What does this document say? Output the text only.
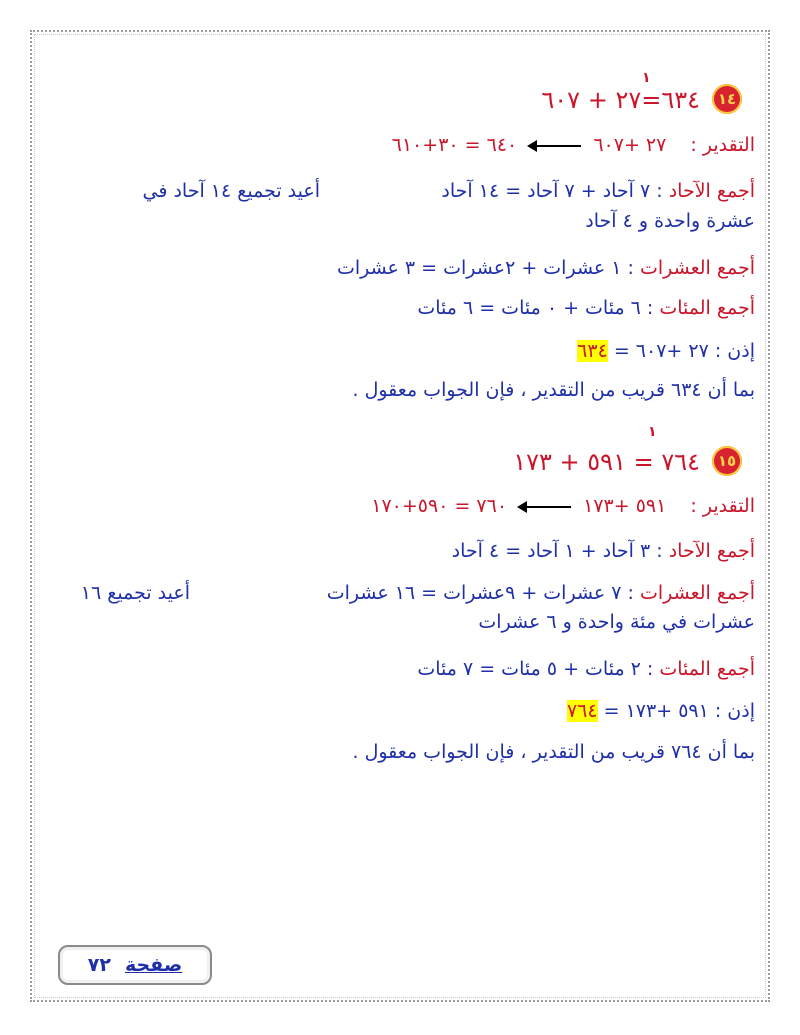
١٤
١
٦٣٤=٢٧ + ٦٠٧
التقدير : ٢٧ +٦٠٧  ٦٤٠ = ٣٠+٦١٠
أجمع الآحاد : ٧ آحاد + ٧ آحاد = ١٤ آحاد
أعيد تجميع ١٤ آحاد في
عشرة واحدة و ٤ آحاد
أجمع العشرات : ١ عشرات + ٢عشرات = ٣ عشرات
أجمع المئات : ٦ مئات + ٠ مئات = ٦ مئات
إذن : ٢٧ +٦٠٧ = ٦٣٤
بما أن ٦٣٤ قريب من التقدير ، فإن الجواب معقول .
١٥
١
٧٦٤ = ٥٩١ + ١٧٣
التقدير : ٥٩١ +١٧٣  ٧٦٠ = ٥٩٠+١٧٠
أجمع الآحاد : ٣ آحاد + ١ آحاد = ٤ آحاد
أجمع العشرات : ٧ عشرات + ٩عشرات = ١٦ عشرات
أعيد تجميع ١٦
عشرات في مئة واحدة و ٦ عشرات
أجمع المئات : ٢ مئات + ٥ مئات = ٧ مئات
إذن : ٥٩١ +١٧٣ = ٧٦٤
بما أن ٧٦٤ قريب من التقدير ، فإن الجواب معقول .
صفحة
٧٢
